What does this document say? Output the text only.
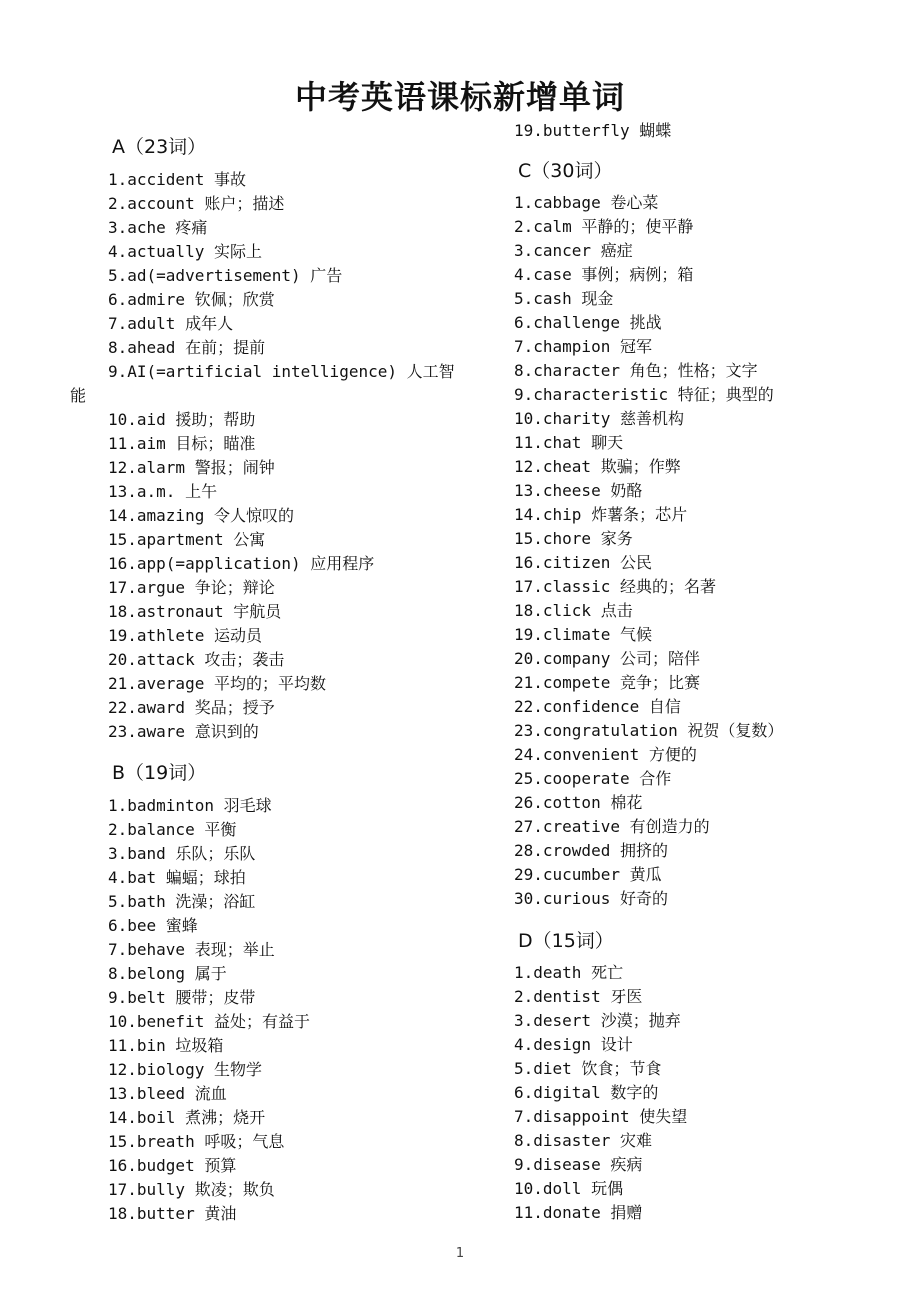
中考英语课标新增单词
A（23词）
1.accident 事故
2.account 账户；描述
3.ache 疼痛
4.actually 实际上
5.ad(=advertisement) 广告
6.admire 钦佩；欣赏
7.adult 成年人
8.ahead 在前；提前
9.AI(=artificial intelligence) 人工智能
10.aid 援助；帮助
11.aim 目标；瞄准
12.alarm 警报；闹钟
13.a.m. 上午
14.amazing 令人惊叹的
15.apartment 公寓
16.app(=application) 应用程序
17.argue 争论；辩论
18.astronaut 宇航员
19.athlete 运动员
20.attack 攻击；袭击
21.average 平均的；平均数
22.award 奖品；授予
23.aware 意识到的
B（19词）
1.badminton 羽毛球
2.balance 平衡
3.band 乐队；乐队
4.bat 蝙蝠；球拍
5.bath 洗澡；浴缸
6.bee 蜜蜂
7.behave 表现；举止
8.belong 属于
9.belt 腰带；皮带
10.benefit 益处；有益于
11.bin 垃圾箱
12.biology 生物学
13.bleed 流血
14.boil 煮沸；烧开
15.breath 呼吸；气息
16.budget 预算
17.bully 欺凌；欺负
18.butter 黄油
19.butterfly 蝴蝶
C（30词）
1.cabbage 卷心菜
2.calm 平静的；使平静
3.cancer 癌症
4.case 事例；病例；箱
5.cash 现金
6.challenge 挑战
7.champion 冠军
8.character 角色；性格；文字
9.characteristic 特征；典型的
10.charity 慈善机构
11.chat 聊天
12.cheat 欺骗；作弊
13.cheese 奶酪
14.chip 炸薯条；芯片
15.chore 家务
16.citizen 公民
17.classic 经典的；名著
18.click 点击
19.climate 气候
20.company 公司；陪伴
21.compete 竞争；比赛
22.confidence 自信
23.congratulation 祝贺（复数）
24.convenient 方便的
25.cooperate 合作
26.cotton 棉花
27.creative 有创造力的
28.crowded 拥挤的
29.cucumber 黄瓜
30.curious 好奇的
D（15词）
1.death 死亡
2.dentist 牙医
3.desert 沙漠；抛弃
4.design 设计
5.diet 饮食；节食
6.digital 数字的
7.disappoint 使失望
8.disaster 灾难
9.disease 疾病
10.doll 玩偶
11.donate 捐赠
1
